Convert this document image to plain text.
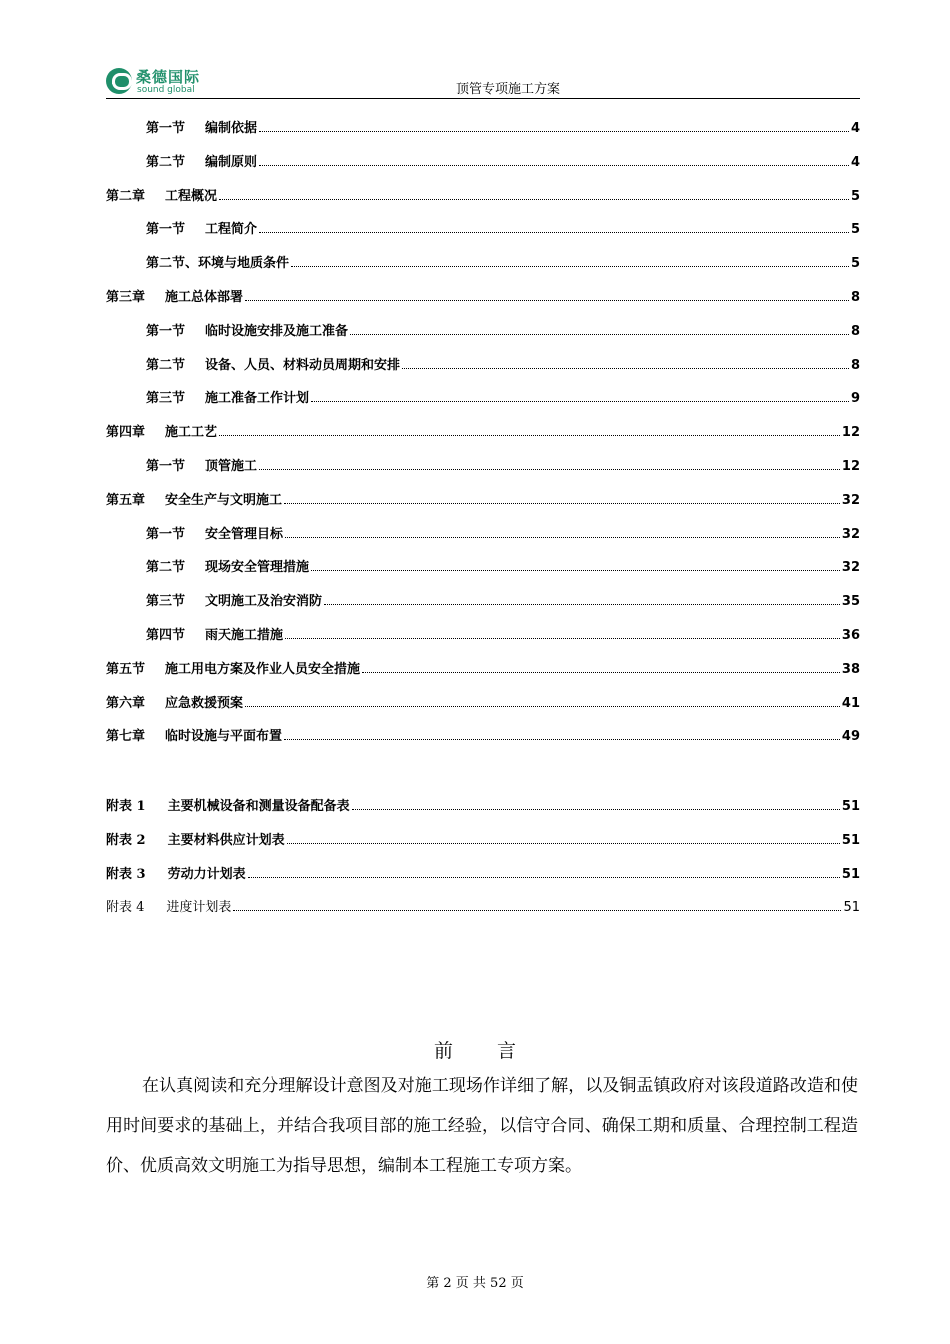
桑德国际
sound global	顶管专项施工方案
第一节 编制依据	4
第二节 编制原则	4
第二章 工程概况	5
第一节 工程简介	5
第二节、环境与地质条件	5
第三章 施工总体部署	8
第一节 临时设施安排及施工准备	8
第二节 设备、人员、材料动员周期和安排	8
第三节 施工准备工作计划	9
第四章 施工工艺	12
第一节 顶管施工	12
第五章 安全生产与文明施工	32
第一节 安全管理目标	32
第二节 现场安全管理措施	32
第三节 文明施工及治安消防	35
第四节 雨天施工措施	36
第五节 施工用电方案及作业人员安全措施	38
第六章 应急救援预案	41
第七章 临时设施与平面布置	49
附表 1 主要机械设备和测量设备配备表	51
附表 2 主要材料供应计划表	51
附表 3 劳动力计划表	51
附表 4 进度计划表	51
前言
在认真阅读和充分理解设计意图及对施工现场作详细了解，以及铜盂镇政府对该段道路改造和使用时间要求的基础上，并结合我项目部的施工经验，以信守合同、确保工期和质量、合理控制工程造价、优质高效文明施工为指导思想，编制本工程施工专项方案。
第 2 页 共 52 页
